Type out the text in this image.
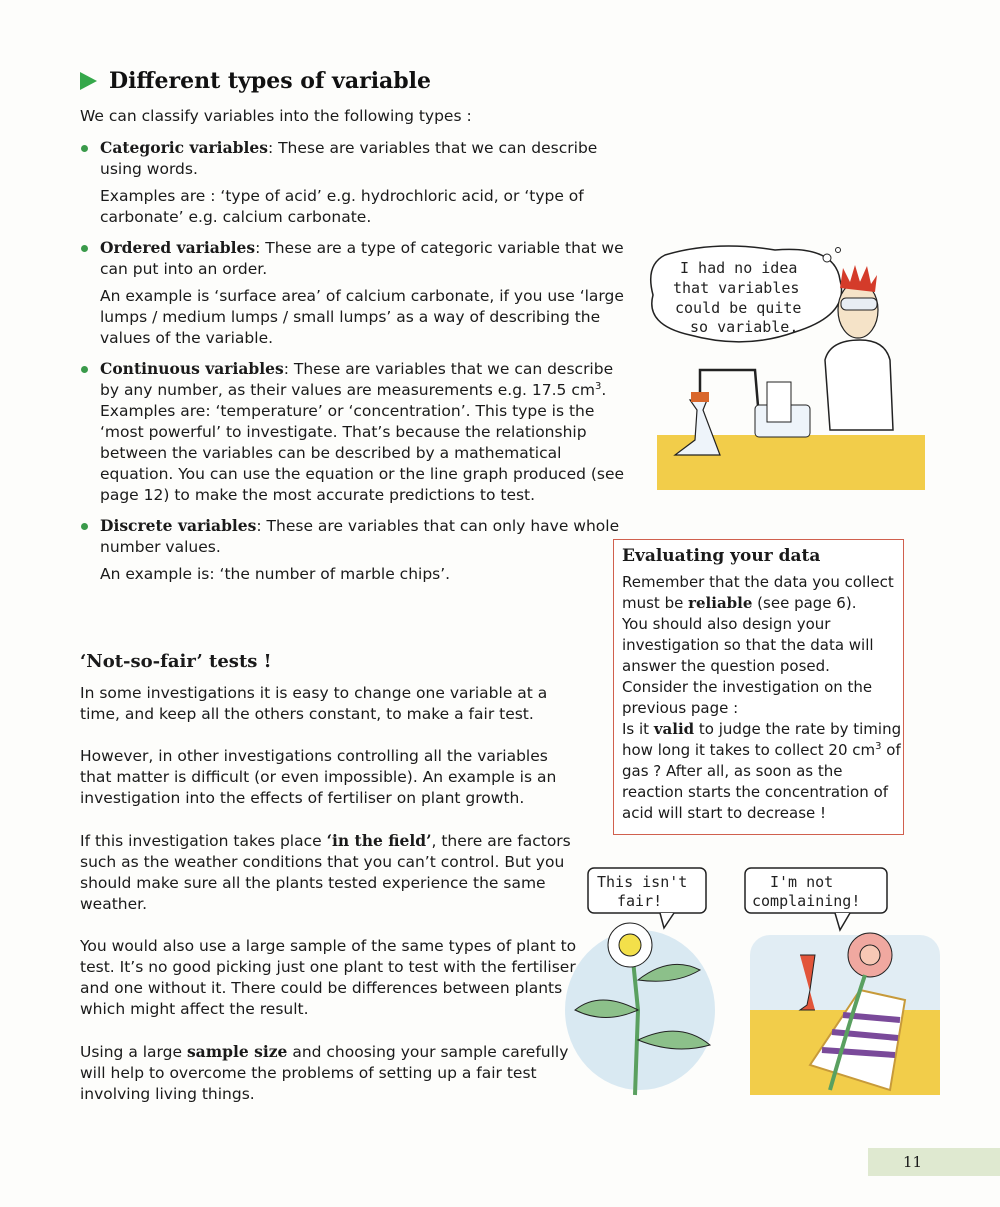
Different types of variable
We can classify variables into the following types :

Categoric variables: These are variables that we can describe using words.

Examples are : ‘type of acid’ e.g. hydrochloric acid, or ‘type of carbonate’ e.g. calcium carbonate.

Ordered variables: These are a type of categoric variable that we can put into an order.

An example is ‘surface area’ of calcium carbonate, if you use ‘large lumps / medium lumps / small lumps’ as a way of describing the values of the variable.

Continuous variables: These are variables that we can describe by any number, as their values are measurements e.g. 17.5 $cm^3$. Examples are: ‘temperature’ or ‘concentration’. This type is the ‘most powerful’ to investigate. That’s because the relationship between the variables can be described by a mathematical equation. You can use the equation or the line graph produced (see page 12) to make the most accurate predictions to test.

Discrete variables: These are variables that can only have whole number values.

An example is: ‘the number of marble chips’.

‘Not-so-fair’ tests !

In some investigations it is easy to change one variable at a time, and keep all the others constant, to make a fair test.

However, in other investigations controlling all the variables that matter is difficult (or even impossible). An example is an investigation into the effects of fertiliser on plant growth.

If this investigation takes place ‘in the field’, there are factors such as the weather conditions that you can’t control. But you should make sure all the plants tested experience the same weather.

You would also use a large sample of the same types of plant to test. It’s no good picking just one plant to test with the fertiliser and one without it. There could be differences between plants which might affect the result.

Using a large sample size and choosing your sample carefully will help to overcome the problems of setting up a fair test involving living things.

I had no idea
that variables
could be quite
so variable.
Evaluating your data

Remember that the data you collect must be reliable (see page 6).

You should also design your investigation so that the data will answer the question posed.

Consider the investigation on the previous page :

Is it valid to judge the rate by timing how long it takes to collect 20 $cm^3$ of gas ? After all, as soon as the reaction starts the concentration of acid will start to decrease !

This isn't
fair!
I'm not
complaining!
11
